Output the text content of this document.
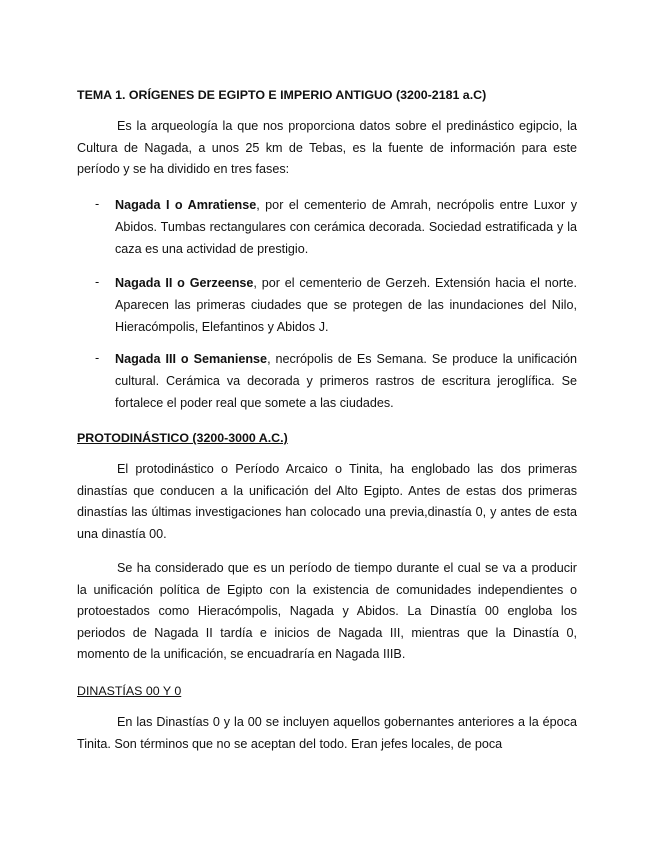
TEMA 1. ORÍGENES DE EGIPTO E IMPERIO ANTIGUO (3200-2181 a.C)

Es la arqueología la que nos proporciona datos sobre el predinástico egipcio, la Cultura de Nagada, a unos 25 km de Tebas, es la fuente de información para este período y se ha dividido en tres fases:

- Nagada I o Amratiense, por el cementerio de Amrah, necrópolis entre Luxor y Abidos. Tumbas rectangulares con cerámica decorada. Sociedad estratificada y la caza es una actividad de prestigio.
- Nagada II o Gerzeense, por el cementerio de Gerzeh. Extensión hacia el norte. Aparecen las primeras ciudades que se protegen de las inundaciones del Nilo, Hieracómpolis, Elefantinos y Abidos J.
- Nagada III o Semaniense, necrópolis de Es Semana. Se produce la unificación cultural. Cerámica va decorada y primeros rastros de escritura jeroglífica. Se fortalece el poder real que somete a las ciudades.
PROTODINÁSTICO (3200-3000 A.C.)

El protodinástico o Período Arcaico o Tinita, ha englobado las dos primeras dinastías que conducen a la unificación del Alto Egipto. Antes de estas dos primeras dinastías las últimas investigaciones han colocado una previa,dinastía 0, y antes de esta una dinastía 00.

Se ha considerado que es un período de tiempo durante el cual se va a producir la unificación política de Egipto con la existencia de comunidades independientes o protoestados como Hieracómpolis, Nagada y Abidos. La Dinastía 00 engloba los periodos de Nagada II tardía e inicios de Nagada III, mientras que la Dinastía 0, momento de la unificación, se encuadraría en Nagada IIIB.

DINASTÍAS 00 Y 0

En las Dinastías 0 y la 00 se incluyen aquellos gobernantes anteriores a la época Tinita. Son términos que no se aceptan del todo. Eran jefes locales, de poca
